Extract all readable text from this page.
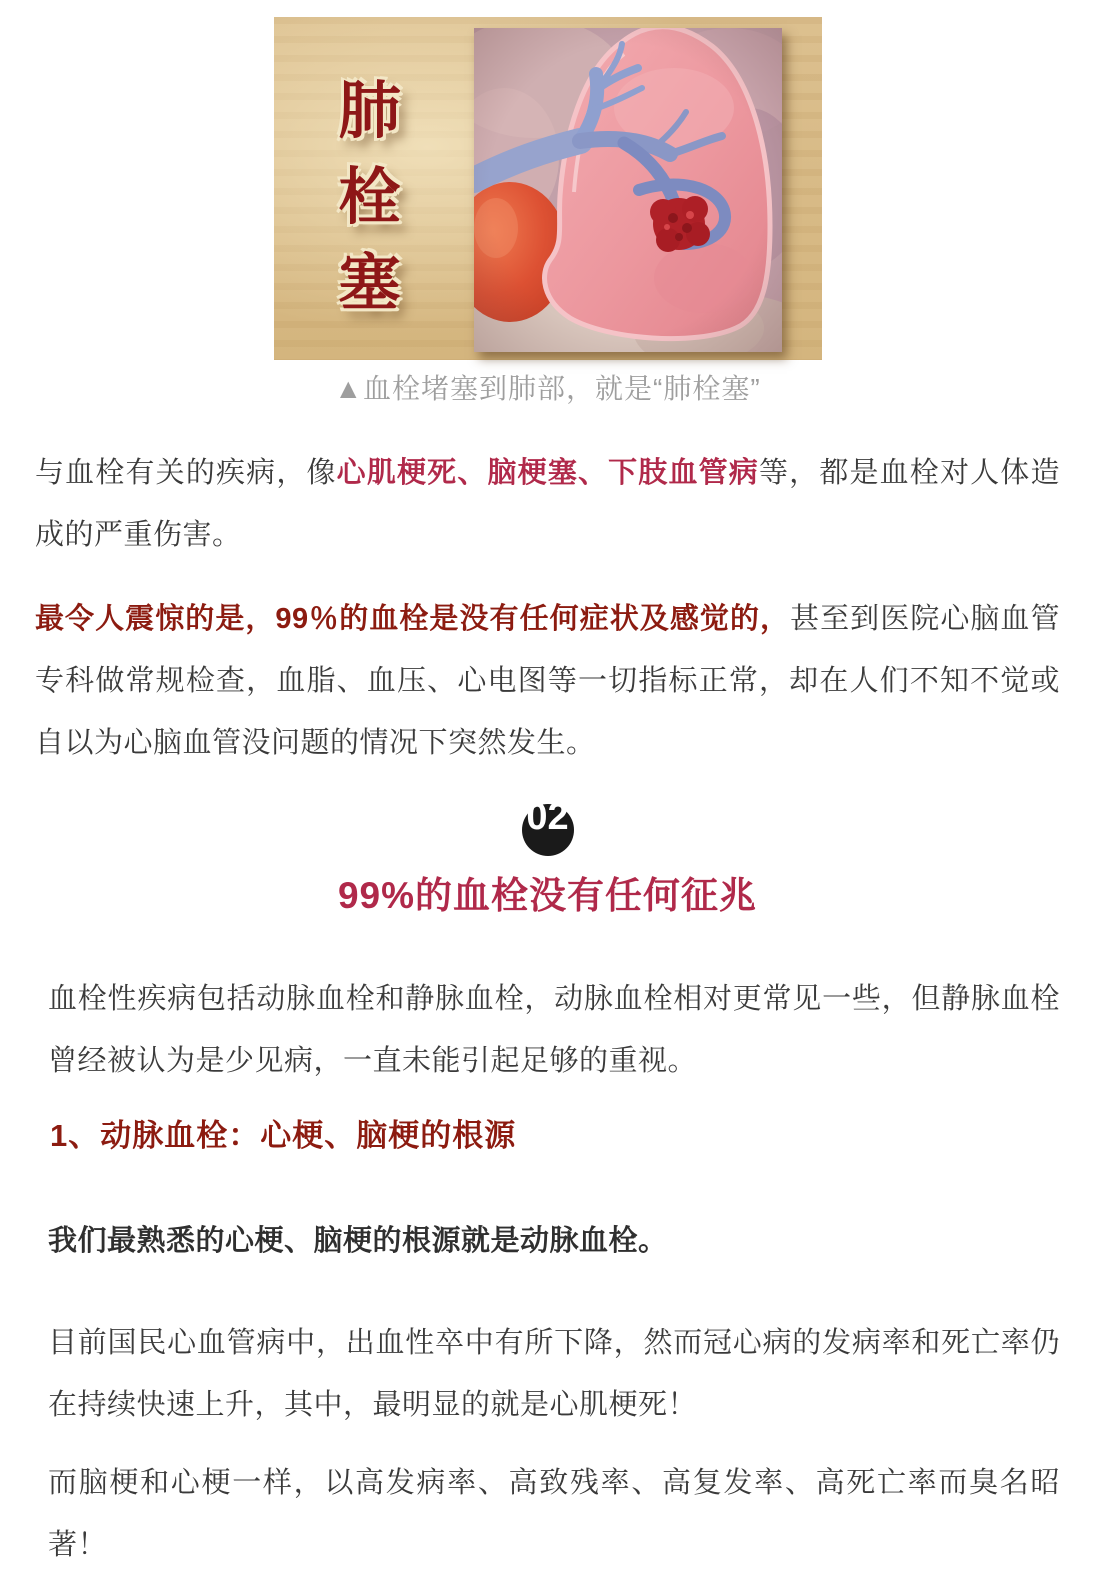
肺
栓
塞
▲血栓堵塞到肺部，就是“肺栓塞”

与血栓有关的疾病，像心肌梗死、脑梗塞、下肢血管病等，都是血栓对人体造成的严重伤害。

最令人震惊的是，99％的血栓是没有任何症状及感觉的，甚至到医院心脑血管专科做常规检查，血脂、血压、心电图等一切指标正常，却在人们不知不觉或自以为心脑血管没问题的情况下突然发生。

02
99%的血栓没有任何征兆

血栓性疾病包括动脉血栓和静脉血栓，动脉血栓相对更常见一些，但静脉血栓曾经被认为是少见病，一直未能引起足够的重视。

1、动脉血栓：心梗、脑梗的根源

我们最熟悉的心梗、脑梗的根源就是动脉血栓。

目前国民心血管病中，出血性卒中有所下降，然而冠心病的发病率和死亡率仍在持续快速上升，其中，最明显的就是心肌梗死！

而脑梗和心梗一样，以高发病率、高致残率、高复发率、高死亡率而臭名昭著！
